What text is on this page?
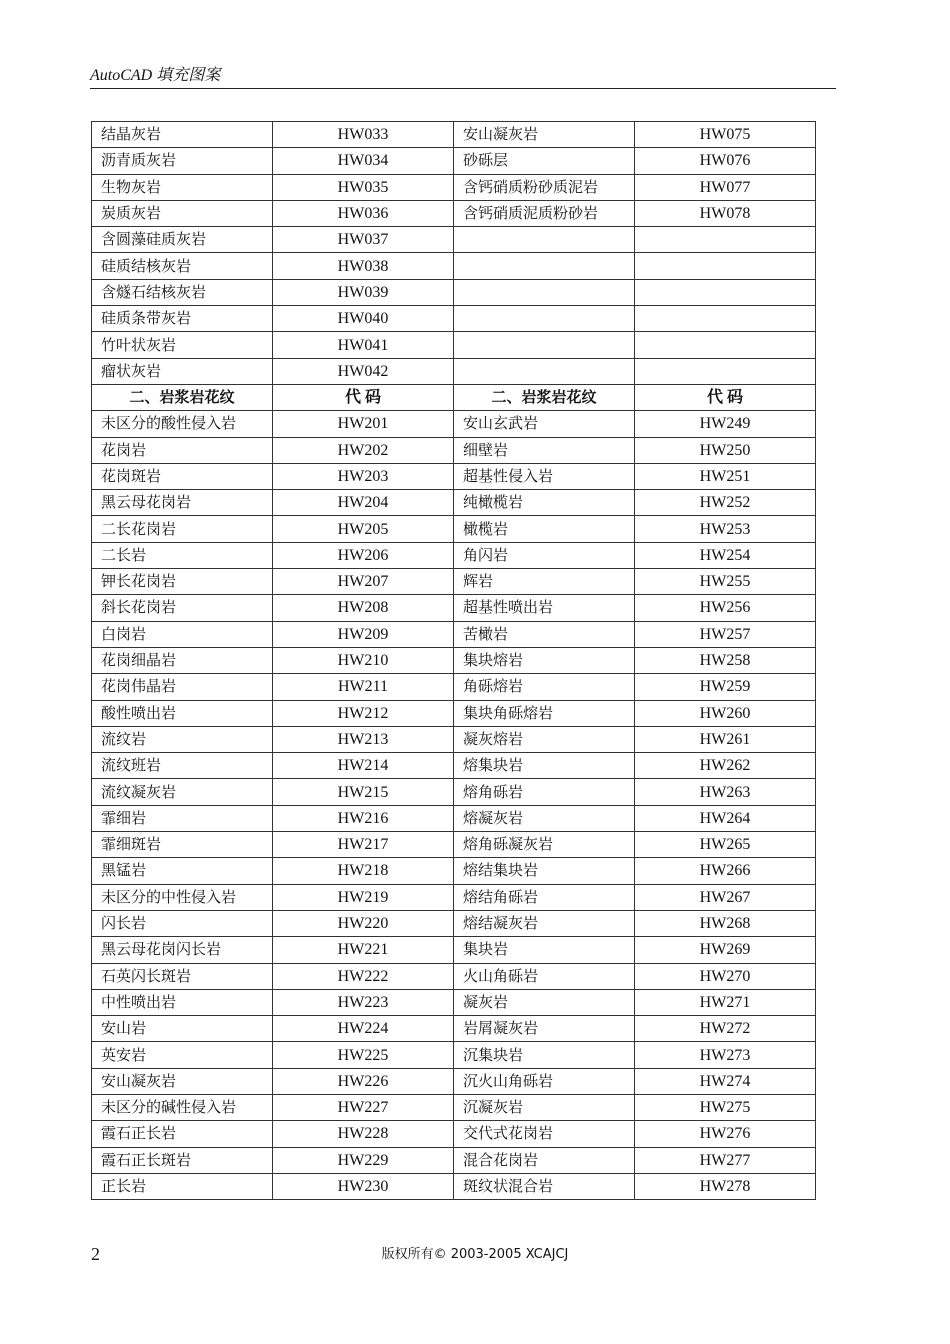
AutoCAD 填充图案
结晶灰岩	HW033	安山凝灰岩	HW075
沥青质灰岩	HW034	砂砾层	HW076
生物灰岩	HW035	含钙硝质粉砂质泥岩	HW077
炭质灰岩	HW036	含钙硝质泥质粉砂岩	HW078
含圆藻硅质灰岩	HW037		
硅质结核灰岩	HW038		
含燧石结核灰岩	HW039		
硅质条带灰岩	HW040		
竹叶状灰岩	HW041		
瘤状灰岩	HW042		
二、岩浆岩花纹	代 码	二、岩浆岩花纹	代 码
未区分的酸性侵入岩	HW201	安山玄武岩	HW249
花岗岩	HW202	细壁岩	HW250
花岗斑岩	HW203	超基性侵入岩	HW251
黑云母花岗岩	HW204	纯橄榄岩	HW252
二长花岗岩	HW205	橄榄岩	HW253
二长岩	HW206	角闪岩	HW254
钾长花岗岩	HW207	辉岩	HW255
斜长花岗岩	HW208	超基性喷出岩	HW256
白岗岩	HW209	苦橄岩	HW257
花岗细晶岩	HW210	集块熔岩	HW258
花岗伟晶岩	HW211	角砾熔岩	HW259
酸性喷出岩	HW212	集块角砾熔岩	HW260
流纹岩	HW213	凝灰熔岩	HW261
流纹班岩	HW214	熔集块岩	HW262
流纹凝灰岩	HW215	熔角砾岩	HW263
霏细岩	HW216	熔凝灰岩	HW264
霏细斑岩	HW217	熔角砾凝灰岩	HW265
黑锰岩	HW218	熔结集块岩	HW266
未区分的中性侵入岩	HW219	熔结角砾岩	HW267
闪长岩	HW220	熔结凝灰岩	HW268
黑云母花岗闪长岩	HW221	集块岩	HW269
石英闪长斑岩	HW222	火山角砾岩	HW270
中性喷出岩	HW223	凝灰岩	HW271
安山岩	HW224	岩屑凝灰岩	HW272
英安岩	HW225	沉集块岩	HW273
安山凝灰岩	HW226	沉火山角砾岩	HW274
未区分的碱性侵入岩	HW227	沉凝灰岩	HW275
霞石正长岩	HW228	交代式花岗岩	HW276
霞石正长斑岩	HW229	混合花岗岩	HW277
正长岩	HW230	斑纹状混合岩	HW278
2	版权所有© 2003-2005 XCAJCJ
